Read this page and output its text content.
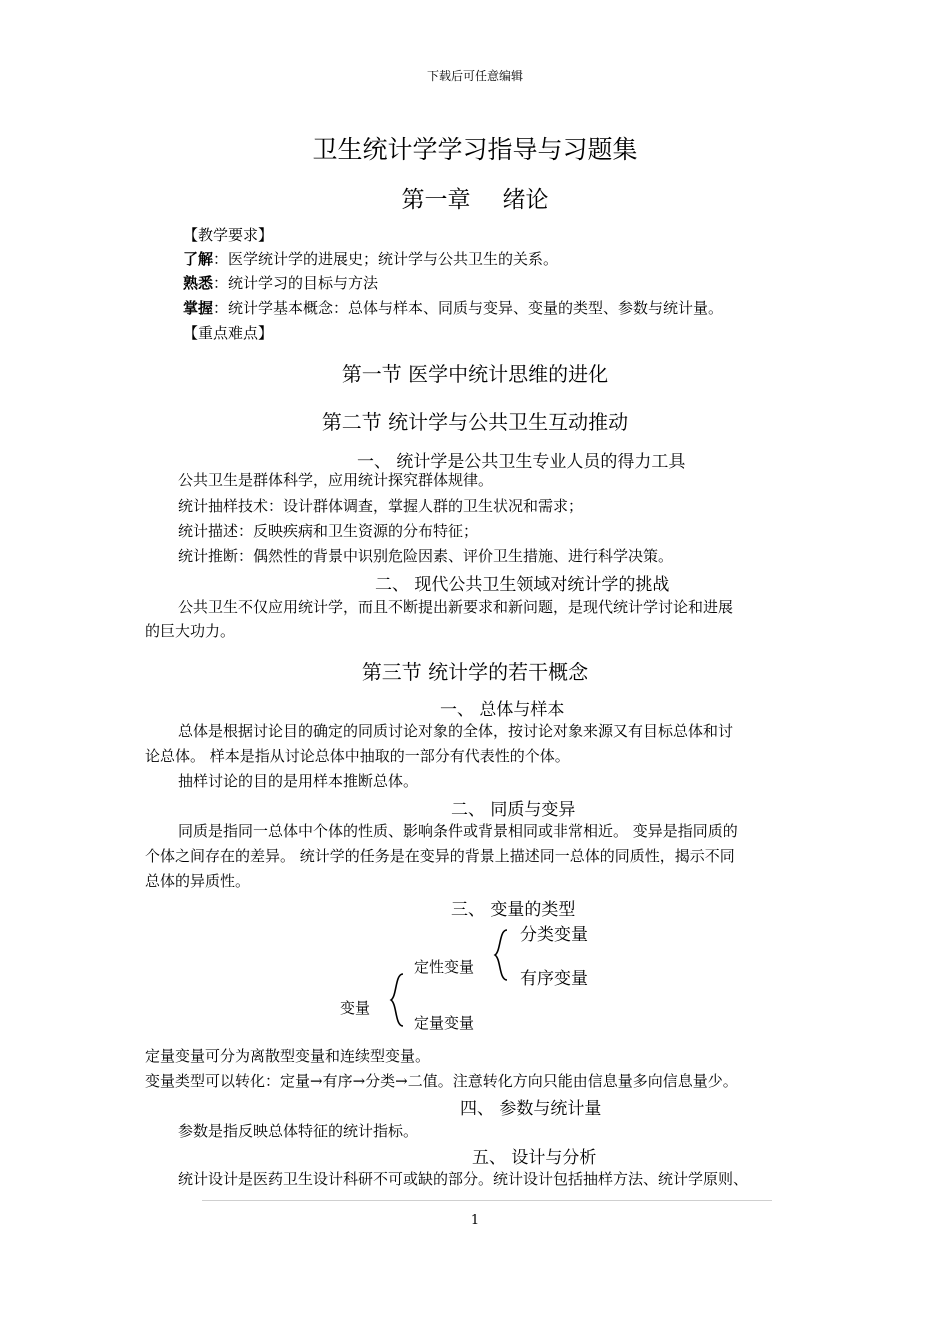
下载后可任意编辑
卫生统计学学习指导与习题集
第一章 绪论
【教学要求】
了解：医学统计学的进展史；统计学与公共卫生的关系。
熟悉：统计学习的目标与方法
掌握：统计学基本概念：总体与样本、同质与变异、变量的类型、参数与统计量。
【重点难点】
第一节 医学中统计思维的进化
第二节 统计学与公共卫生互动推动
一、 统计学是公共卫生专业人员的得力工具
公共卫生是群体科学，应用统计探究群体规律。
统计抽样技术：设计群体调查，掌握人群的卫生状况和需求；
统计描述：反映疾病和卫生资源的分布特征；
统计推断：偶然性的背景中识别危险因素、评价卫生措施、进行科学决策。
二、 现代公共卫生领域对统计学的挑战
公共卫生不仅应用统计学，而且不断提出新要求和新问题，是现代统计学讨论和进展
的巨大功力。
第三节 统计学的若干概念
一、 总体与样本
总体是根据讨论目的确定的同质讨论对象的全体，按讨论对象来源又有目标总体和讨
论总体。 样本是指从讨论总体中抽取的一部分有代表性的个体。
抽样讨论的目的是用样本推断总体。
二、 同质与变异
同质是指同一总体中个体的性质、影响条件或背景相同或非常相近。 变异是指同质的
个体之间存在的差异。 统计学的任务是在变异的背景上描述同一总体的同质性，揭示不同
总体的异质性。
三、 变量的类型
变量
定性变量
定量变量
分类变量
有序变量
定量变量可分为离散型变量和连续型变量。
变量类型可以转化：定量→有序→分类→二值。注意转化方向只能由信息量多向信息量少。
四、 参数与统计量
参数是指反映总体特征的统计指标。
五、 设计与分析
统计设计是医药卫生设计科研不可或缺的部分。统计设计包括抽样方法、统计学原则、
1
